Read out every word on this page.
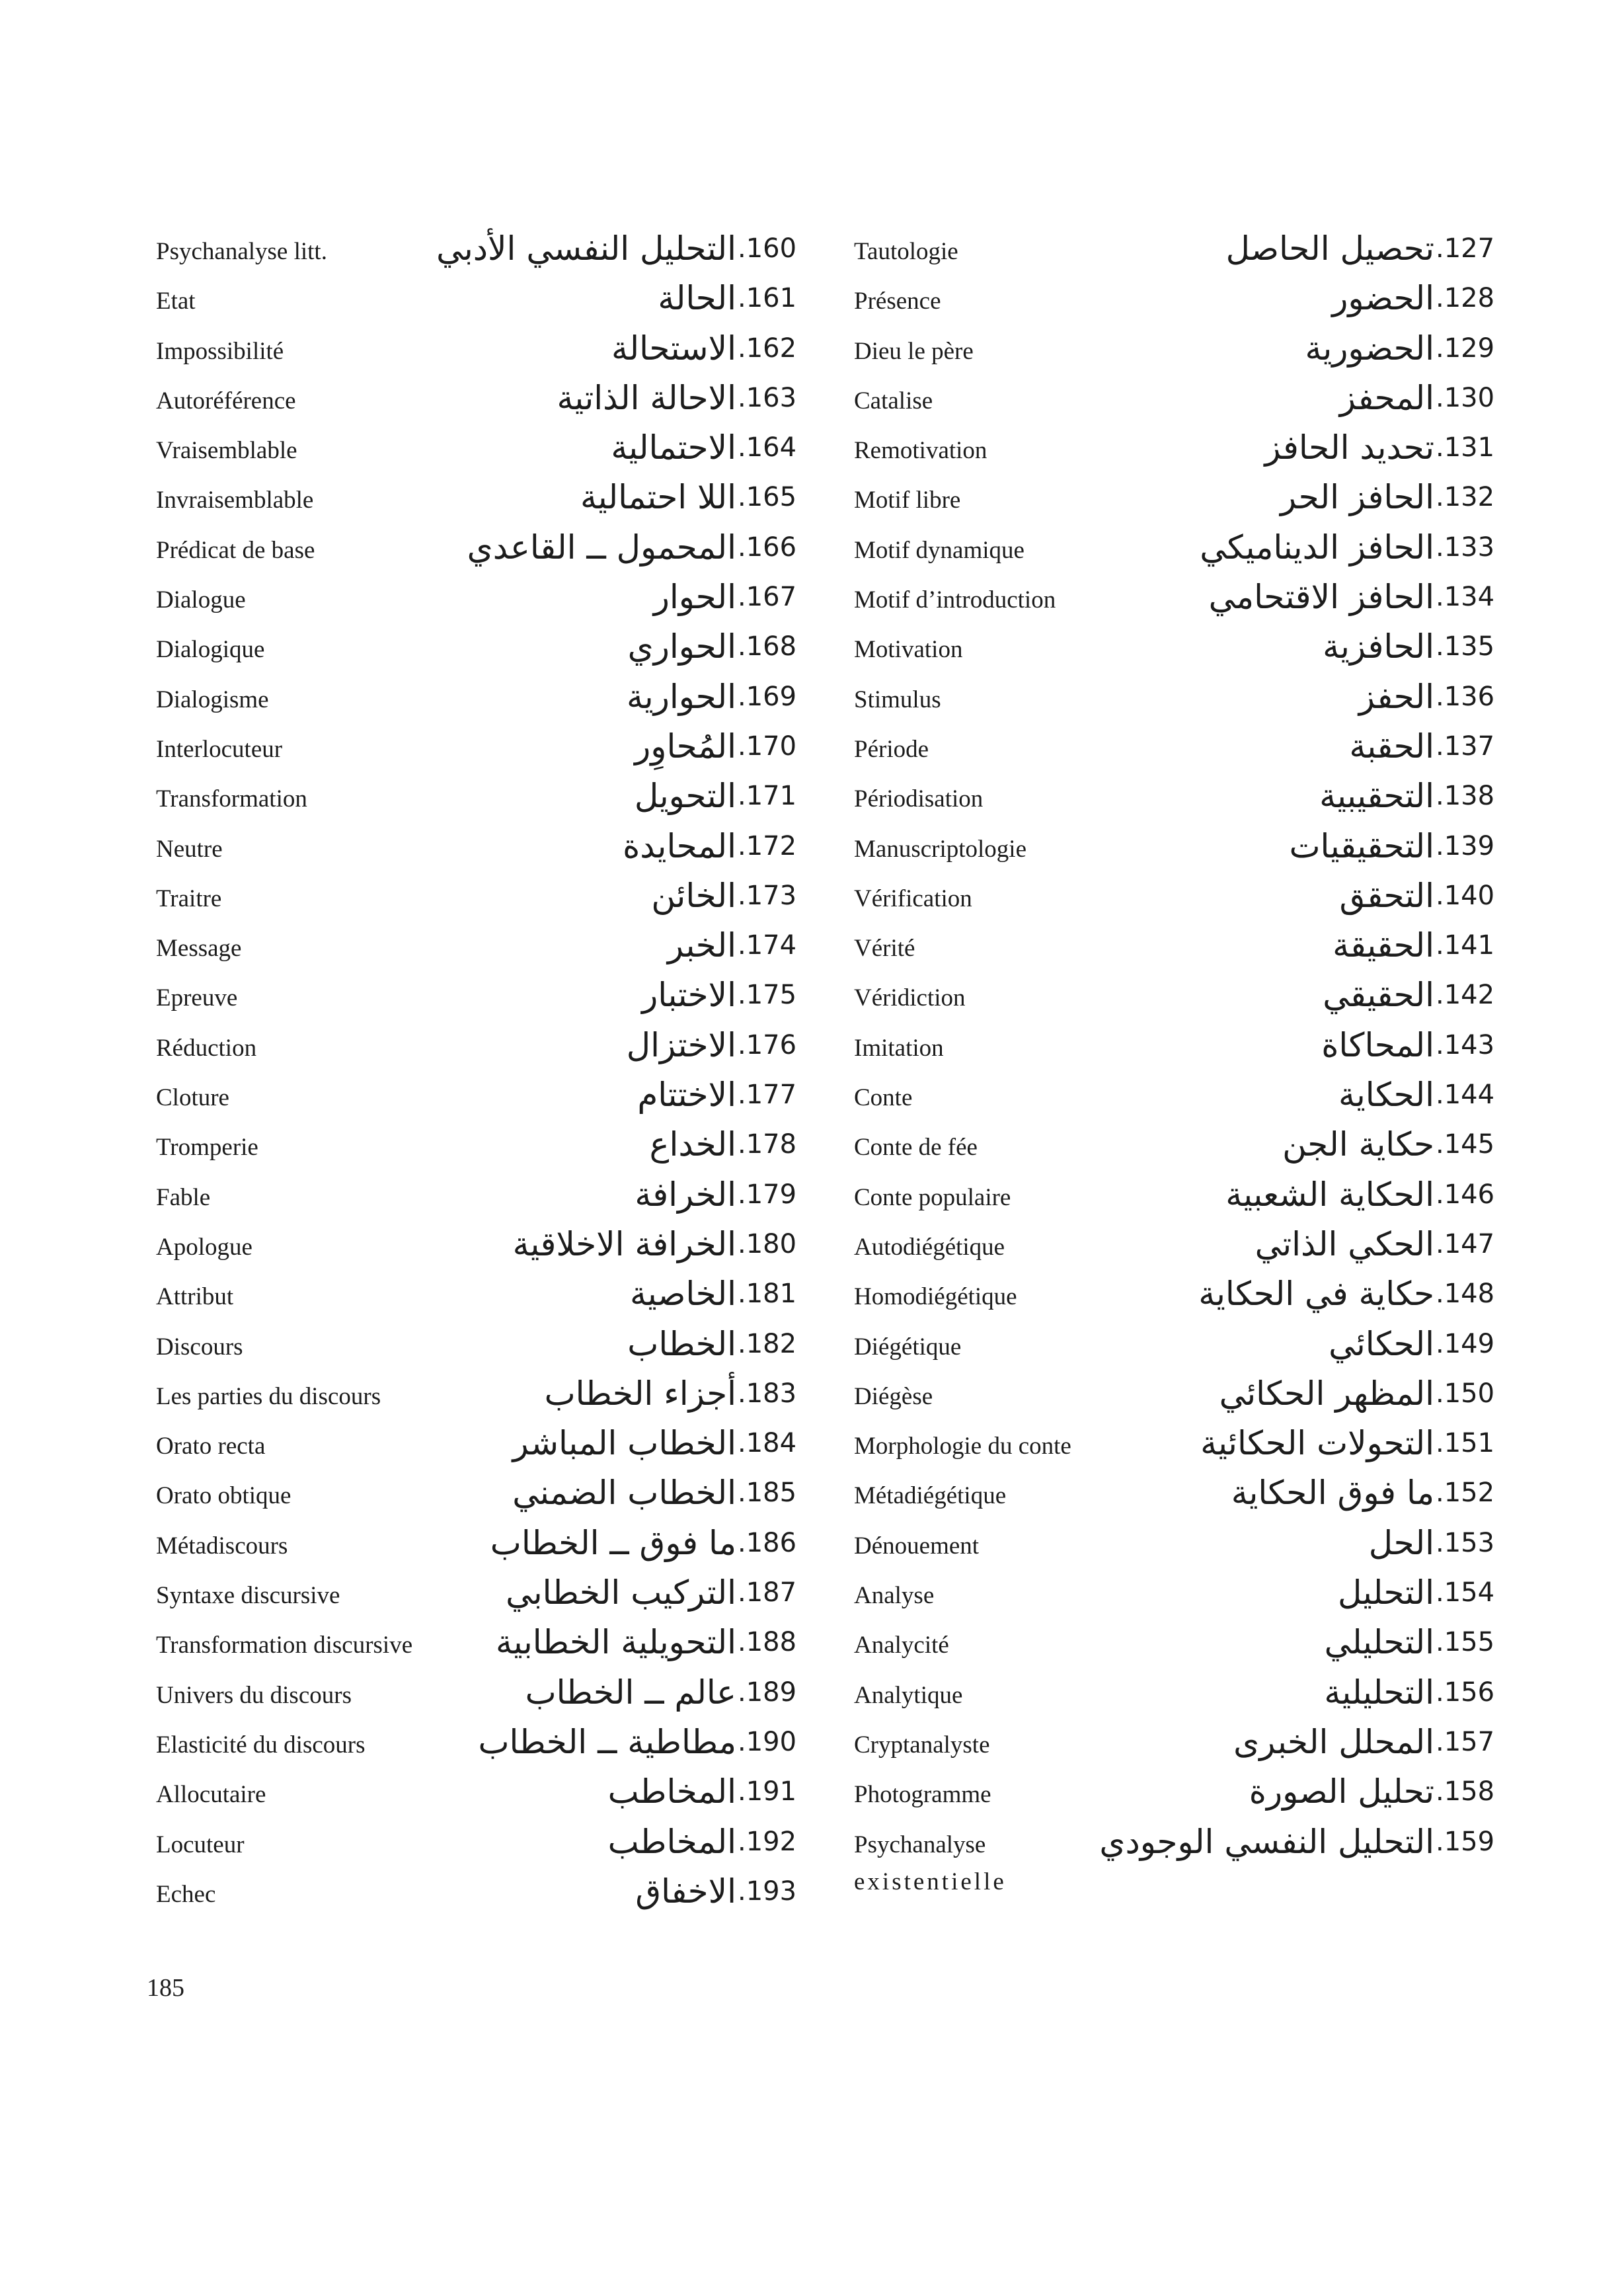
Psychanalyse litt.	التحليل النفسي الأدبي .160
Etat	الحالة .161
Impossibilité	الاستحالة .162
Autoréférence	الاحالة الذاتية .163
Vraisemblable	الاحتمالية .164
Invraisemblable	اللا احتمالية .165
Prédicat de base	المحمول ــ القاعدي .166
Dialogue	الحوار .167
Dialogique	الحواري .168
Dialogisme	الحوارية .169
Interlocuteur	المُحاوِر .170
Transformation	التحويل .171
Neutre	المحايدة .172
Traitre	الخائن .173
Message	الخبر .174
Epreuve	الاختبار .175
Réduction	الاختزال .176
Cloture	الاختتام .177
Tromperie	الخداع .178
Fable	الخرافة .179
Apologue	الخرافة الاخلاقية .180
Attribut	الخاصية .181
Discours	الخطاب .182
Les parties du discours	أجزاء الخطاب .183
Orato recta	الخطاب المباشر .184
Orato obtique	الخطاب الضمني .185
Métadiscours	ما فوق ــ الخطاب .186
Syntaxe discursive	التركيب الخطابي .187
Transformation discursive	التحويلية الخطابية .188
Univers du discours	عالم ــ الخطاب .189
Elasticité du discours	مطاطية ــ الخطاب .190
Allocutaire	المخاطب .191
Locuteur	المخاطب .192
Echec	الاخفاق .193
Tautologie	تحصيل الحاصل .127
Présence	الحضور .128
Dieu le père	الحضورية .129
Catalise	المحفز .130
Remotivation	تحديد الحافز .131
Motif libre	الحافز الحر .132
Motif dynamique	الحافز الديناميكي .133
Motif d’introduction	الحافز الاقتحامي .134
Motivation	الحافزية .135
Stimulus	الحفز .136
Période	الحقبة .137
Périodisation	التحقيبية .138
Manuscriptologie	التحقيقيات .139
Vérification	التحقق .140
Vérité	الحقيقة .141
Véridiction	الحقيقي .142
Imitation	المحاكاة .143
Conte	الحكاية .144
Conte de fée	حكاية الجن .145
Conte populaire	الحكاية الشعبية .146
Autodiégétique	الحكي الذاتي .147
Homodiégétique	حكاية في الحكاية .148
Diégétique	الحكائي .149
Diégèse	المظهر الحكائي .150
Morphologie du conte	التحولات الحكائية .151
Métadiégétique	ما فوق الحكاية .152
Dénouement	الحل .153
Analyse	التحليل .154
Analycité	التحليلي .155
Analytique	التحليلية .156
Cryptanalyste	المحلل الخبرى .157
Photogramme	تحليل الصورة .158
Psychanalyse	التحليل النفسي الوجودي .159
existentielle
185
